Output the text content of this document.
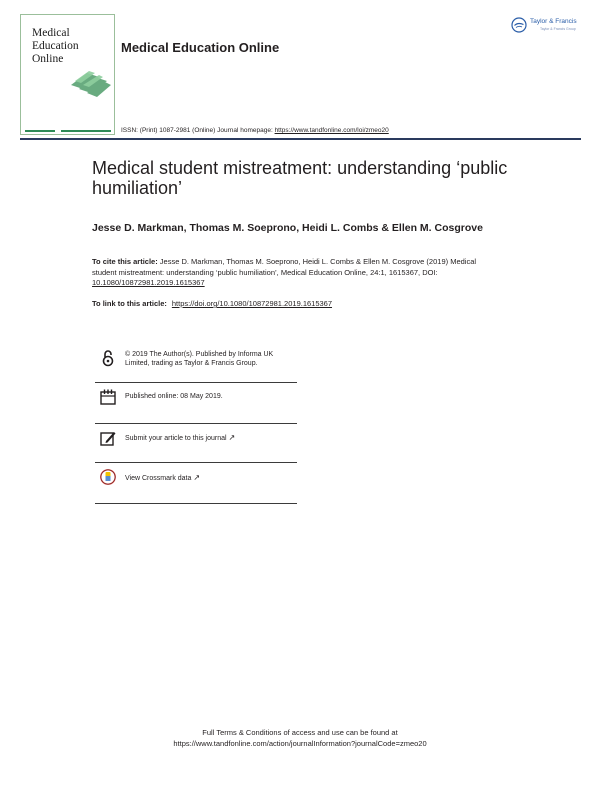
Medical
Education
Online
Medical Education Online
Taylor & Francis
Taylor & Francis Group
ISSN: (Print) 1087-2981 (Online) Journal homepage: https://www.tandfonline.com/loi/zmeo20
Medical student mistreatment: understanding ‘public humiliation’
Jesse D. Markman, Thomas M. Soeprono, Heidi L. Combs & Ellen M. Cosgrove
To cite this article: Jesse D. Markman, Thomas M. Soeprono, Heidi L. Combs & Ellen M. Cosgrove (2019) Medical student mistreatment: understanding ‘public humiliation’, Medical Education Online, 24:1, 1615367, DOI: 10.1080/10872981.2019.1615367
To link to this article: https://doi.org/10.1080/10872981.2019.1615367
© 2019 The Author(s). Published by Informa UK Limited, trading as Taylor & Francis Group.
Published online: 08 May 2019.
Submit your article to this journal ↗
View Crossmark data ↗
Full Terms & Conditions of access and use can be found at
https://www.tandfonline.com/action/journalInformation?journalCode=zmeo20
